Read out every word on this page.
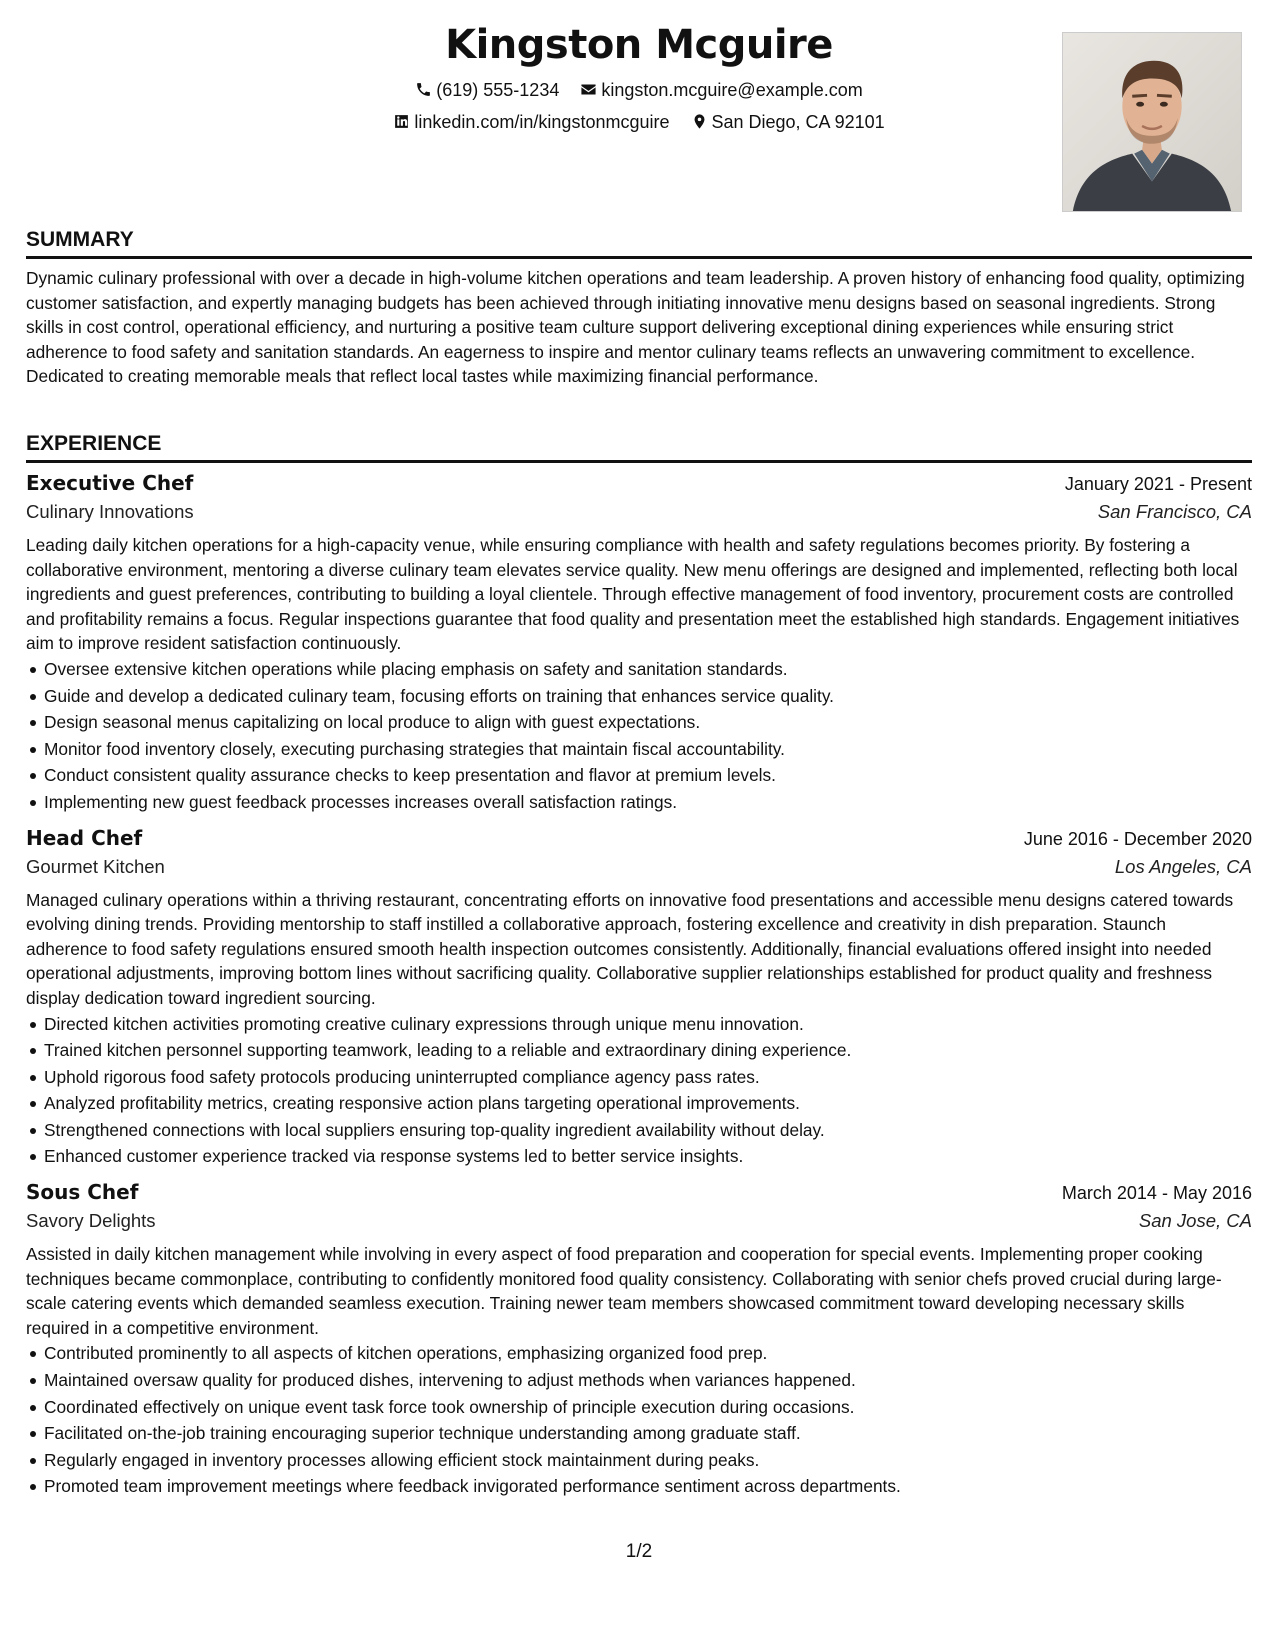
Kingston Mcguire
(619) 555-1234 kingston.mcguire@example.com
linkedin.com/in/kingstonmcguire San Diego, CA 92101
SUMMARY

Dynamic culinary professional with over a decade in high-volume kitchen operations and team leadership. A proven history of enhancing food quality, optimizing customer satisfaction, and expertly managing budgets has been achieved through initiating innovative menu designs based on seasonal ingredients. Strong skills in cost control, operational efficiency, and nurturing a positive team culture support delivering exceptional dining experiences while ensuring strict adherence to food safety and sanitation standards. An eagerness to inspire and mentor culinary teams reflects an unwavering commitment to excellence. Dedicated to creating memorable meals that reflect local tastes while maximizing financial performance.

EXPERIENCE
Executive Chef	January 2021 - Present
Culinary Innovations	San Francisco, CA

Leading daily kitchen operations for a high-capacity venue, while ensuring compliance with health and safety regulations becomes priority. By fostering a collaborative environment, mentoring a diverse culinary team elevates service quality. New menu offerings are designed and implemented, reflecting both local ingredients and guest preferences, contributing to building a loyal clientele. Through effective management of food inventory, procurement costs are controlled and profitability remains a focus. Regular inspections guarantee that food quality and presentation meet the established high standards. Engagement initiatives aim to improve resident satisfaction continuously.

Oversee extensive kitchen operations while placing emphasis on safety and sanitation standards.
Guide and develop a dedicated culinary team, focusing efforts on training that enhances service quality.
Design seasonal menus capitalizing on local produce to align with guest expectations.
Monitor food inventory closely, executing purchasing strategies that maintain fiscal accountability.
Conduct consistent quality assurance checks to keep presentation and flavor at premium levels.
Implementing new guest feedback processes increases overall satisfaction ratings.
Head Chef	June 2016 - December 2020
Gourmet Kitchen	Los Angeles, CA

Managed culinary operations within a thriving restaurant, concentrating efforts on innovative food presentations and accessible menu designs catered towards evolving dining trends. Providing mentorship to staff instilled a collaborative approach, fostering excellence and creativity in dish preparation. Staunch adherence to food safety regulations ensured smooth health inspection outcomes consistently. Additionally, financial evaluations offered insight into needed operational adjustments, improving bottom lines without sacrificing quality. Collaborative supplier relationships established for product quality and freshness display dedication toward ingredient sourcing.

Directed kitchen activities promoting creative culinary expressions through unique menu innovation.
Trained kitchen personnel supporting teamwork, leading to a reliable and extraordinary dining experience.
Uphold rigorous food safety protocols producing uninterrupted compliance agency pass rates.
Analyzed profitability metrics, creating responsive action plans targeting operational improvements.
Strengthened connections with local suppliers ensuring top-quality ingredient availability without delay.
Enhanced customer experience tracked via response systems led to better service insights.
Sous Chef	March 2014 - May 2016
Savory Delights	San Jose, CA

Assisted in daily kitchen management while involving in every aspect of food preparation and cooperation for special events. Implementing proper cooking techniques became commonplace, contributing to confidently monitored food quality consistency. Collaborating with senior chefs proved crucial during large-scale catering events which demanded seamless execution. Training newer team members showcased commitment toward developing necessary skills required in a competitive environment.

Contributed prominently to all aspects of kitchen operations, emphasizing organized food prep.
Maintained oversaw quality for produced dishes, intervening to adjust methods when variances happened.
Coordinated effectively on unique event task force took ownership of principle execution during occasions.
Facilitated on-the-job training encouraging superior technique understanding among graduate staff.
Regularly engaged in inventory processes allowing efficient stock maintainment during peaks.
Promoted team improvement meetings where feedback invigorated performance sentiment across departments.
1/2
